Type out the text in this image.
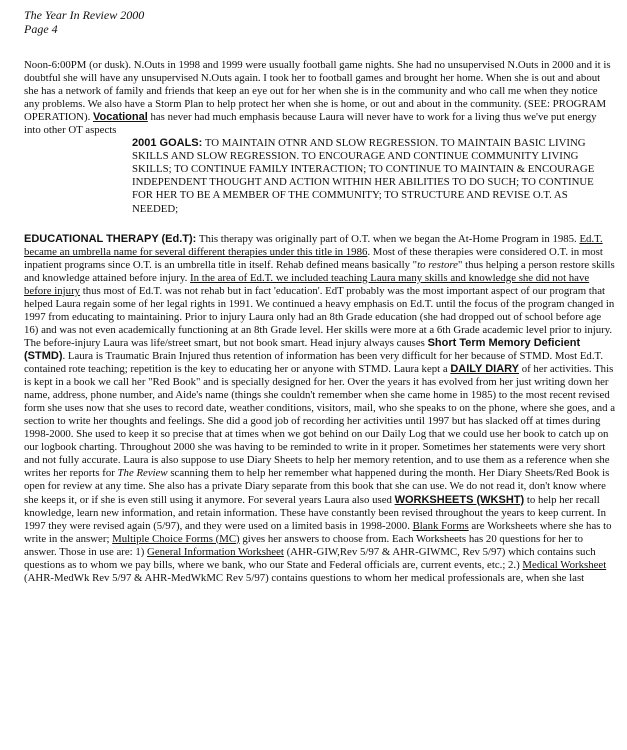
The Year In Review 2000
Page 4

Noon-6:00PM (or dusk). N.Outs in 1998 and 1999 were usually football game nights. She had no unsupervised N.Outs in 2000 and it is doubtful she will have any unsupervised N.Outs again. I took her to football games and brought her home. When she is out and about she has a network of family and friends that keep an eye out for her when she is in the community and who call me when they notice any problems. We also have a Storm Plan to help protect her when she is home, or out and about in the community. (SEE: PROGRAM OPERATION). Vocational has never had much emphasis because Laura will never have to work for a living thus we've put energy into other OT aspects

2001 GOALS: TO MAINTAIN OTNR AND SLOW REGRESSION. TO MAINTAIN BASIC LIVING SKILLS AND SLOW REGRESSION. TO ENCOURAGE AND CONTINUE COMMUNITY LIVING SKILLS; TO CONTINUE FAMILY INTERACTION; TO CONTINUE TO MAINTAIN & ENCOURAGE INDEPENDENT THOUGHT AND ACTION WITHIN HER ABILITIES TO DO SUCH; TO CONTINUE FOR HER TO BE A MEMBER OF THE COMMUNITY; TO STRUCTURE AND REVISE O.T. AS NEEDED;

EDUCATIONAL THERAPY (Ed.T): This therapy was originally part of O.T. when we began the At-Home Program in 1985. Ed.T. became an umbrella name for several different therapies under this title in 1986. Most of these therapies were considered O.T. in most inpatient programs since O.T. is an umbrella title in itself. Rehab defined means basically "to restore" thus helping a person restore skills and knowledge attained before injury. In the area of Ed.T. we included teaching Laura many skills and knowledge she did not have before injury thus most of Ed.T. was not rehab but in fact 'education'. EdT probably was the most important aspect of our program that helped Laura regain some of her legal rights in 1991. We continued a heavy emphasis on Ed.T. until the focus of the program changed in 1997 from educating to maintaining. Prior to injury Laura only had an 8th Grade education (she had dropped out of school before age 16) and was not even academically functioning at an 8th Grade level. Her skills were more at a 6th Grade academic level prior to injury. The before-injury Laura was life/street smart, but not book smart. Head injury always causes Short Term Memory Deficient (STMD). Laura is Traumatic Brain Injured thus retention of information has been very difficult for her because of STMD. Most Ed.T. contained rote teaching; repetition is the key to educating her or anyone with STMD. Laura kept a DAILY DIARY of her activities. This is kept in a book we call her "Red Book" and is specially designed for her. Over the years it has evolved from her just writing down her name, address, phone number, and Aide's name (things she couldn't remember when she came home in 1985) to the most recent revised form she uses now that she uses to record date, weather conditions, visitors, mail, who she speaks to on the phone, where she goes, and a section to write her thoughts and feelings. She did a good job of recording her activities until 1997 but has slacked off at times during 1998-2000. She used to keep it so precise that at times when we got behind on our Daily Log that we could use her book to catch up on our logbook charting. Throughout 2000 she was having to be reminded to write in it proper. Sometimes her statements were very short and not fully accurate. Laura is also suppose to use Diary Sheets to help her memory retention, and to use them as a reference when she writes her reports for The Review scanning them to help her remember what happened during the month. Her Diary Sheets/Red Book is open for review at any time. She also has a private Diary separate from this book that she can use. We do not read it, don't know where she keeps it, or if she is even still using it anymore. For several years Laura also used WORKSHEETS (WKSHT) to help her recall knowledge, learn new information, and retain information. These have constantly been revised throughout the years to keep current. In 1997 they were revised again (5/97), and they were used on a limited basis in 1998-2000. Blank Forms are Worksheets where she has to write in the answer; Multiple Choice Forms (MC) gives her answers to choose from. Each Worksheets has 20 questions for her to answer. Those in use are: 1) General Information Worksheet (AHR-GIW,Rev 5/97 & AHR-GIWMC, Rev 5/97) which contains such questions as to whom we pay bills, where we bank, who our State and Federal officials are, current events, etc.; 2.) Medical Worksheet (AHR-MedWk Rev 5/97 & AHR-MedWkMC Rev 5/97) contains questions to whom her medical professionals are, when she last
